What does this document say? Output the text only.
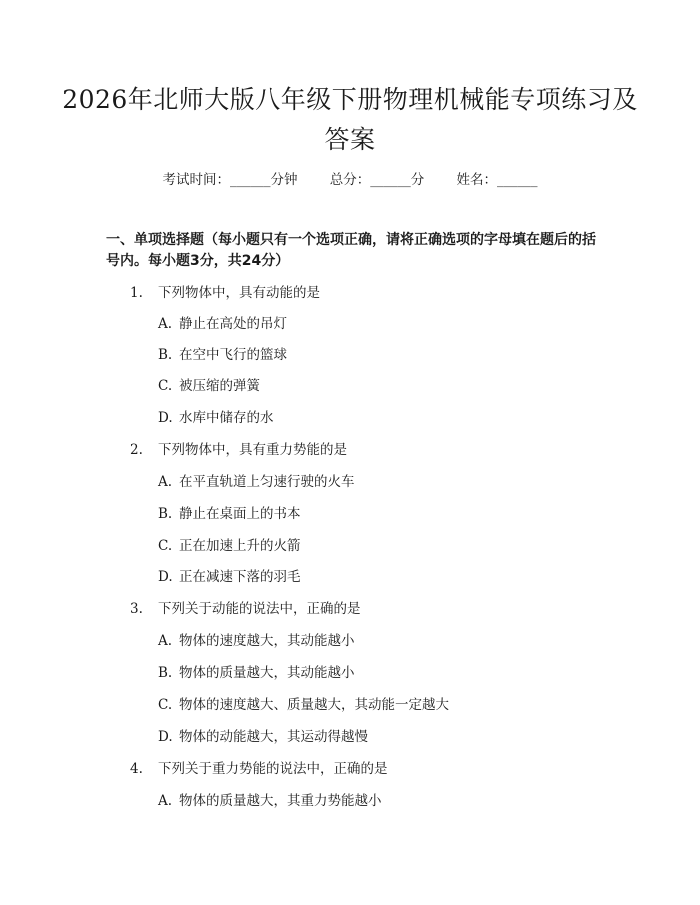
2026年北师大版八年级下册物理机械能专项练习及答案
考试时间：______分钟 总分：______分 姓名：______
一、单项选择题（每小题只有一个选项正确，请将正确选项的字母填在题后的括号内。每小题3分，共24分）
1. 下列物体中，具有动能的是
A. 静止在高处的吊灯
B. 在空中飞行的篮球
C. 被压缩的弹簧
D. 水库中储存的水
2. 下列物体中，具有重力势能的是
A. 在平直轨道上匀速行驶的火车
B. 静止在桌面上的书本
C. 正在加速上升的火箭
D. 正在减速下落的羽毛
3. 下列关于动能的说法中，正确的是
A. 物体的速度越大，其动能越小
B. 物体的质量越大，其动能越小
C. 物体的速度越大、质量越大，其动能一定越大
D. 物体的动能越大，其运动得越慢
4. 下列关于重力势能的说法中，正确的是
A. 物体的质量越大，其重力势能越小
